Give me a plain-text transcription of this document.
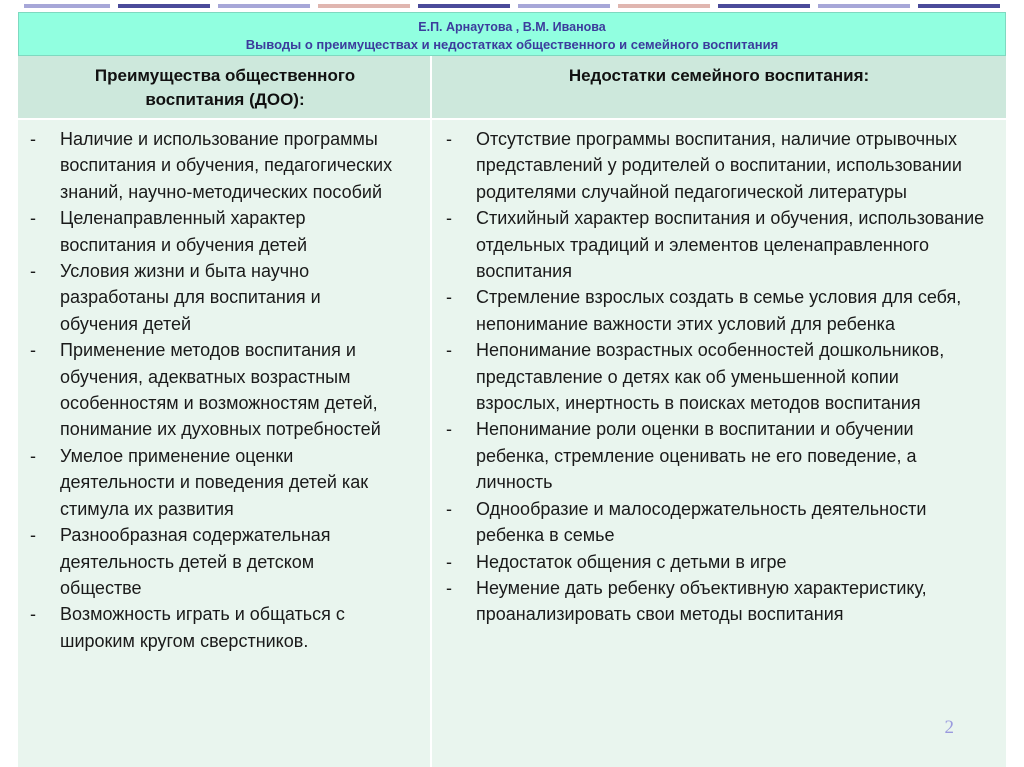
Е.П. Арнаутова , В.М. Иванова
Выводы о преимуществах и недостатках общественного и семейного воспитания
Преимущества общественного
воспитания (ДОО):
Недостатки семейного воспитания:
- Наличие и использование программы воспитания и обучения, педагогических знаний, научно-методических пособий
- Целенаправленный характер воспитания и обучения детей
- Условия жизни и быта научно разработаны для воспитания и обучения детей
- Применение методов воспитания и обучения, адекватных возрастным особенностям и возможностям детей, понимание их духовных потребностей
- Умелое применение оценки деятельности и поведения детей как стимула их развития
- Разнообразная содержательная деятельность детей в детском обществе
- Возможность играть и общаться с широким кругом сверстников.
- Отсутствие программы воспитания, наличие отрывочных представлений у родителей о воспитании, использовании родителями случайной педагогической литературы
- Стихийный характер воспитания и обучения, использование отдельных традиций и элементов целенаправленного воспитания
- Стремление взрослых создать в семье условия для себя, непонимание важности этих условий для ребенка
- Непонимание возрастных особенностей дошкольников, представление о детях как об уменьшенной копии взрослых, инертность в поисках методов воспитания
- Непонимание роли оценки в воспитании и обучении ребенка, стремление оценивать не его поведение, а личность
- Однообразие и малосодержательность деятельности ребенка в семье
- Недостаток общения с детьми в игре
- Неумение дать ребенку объективную характеристику, проанализировать свои методы воспитания
2
